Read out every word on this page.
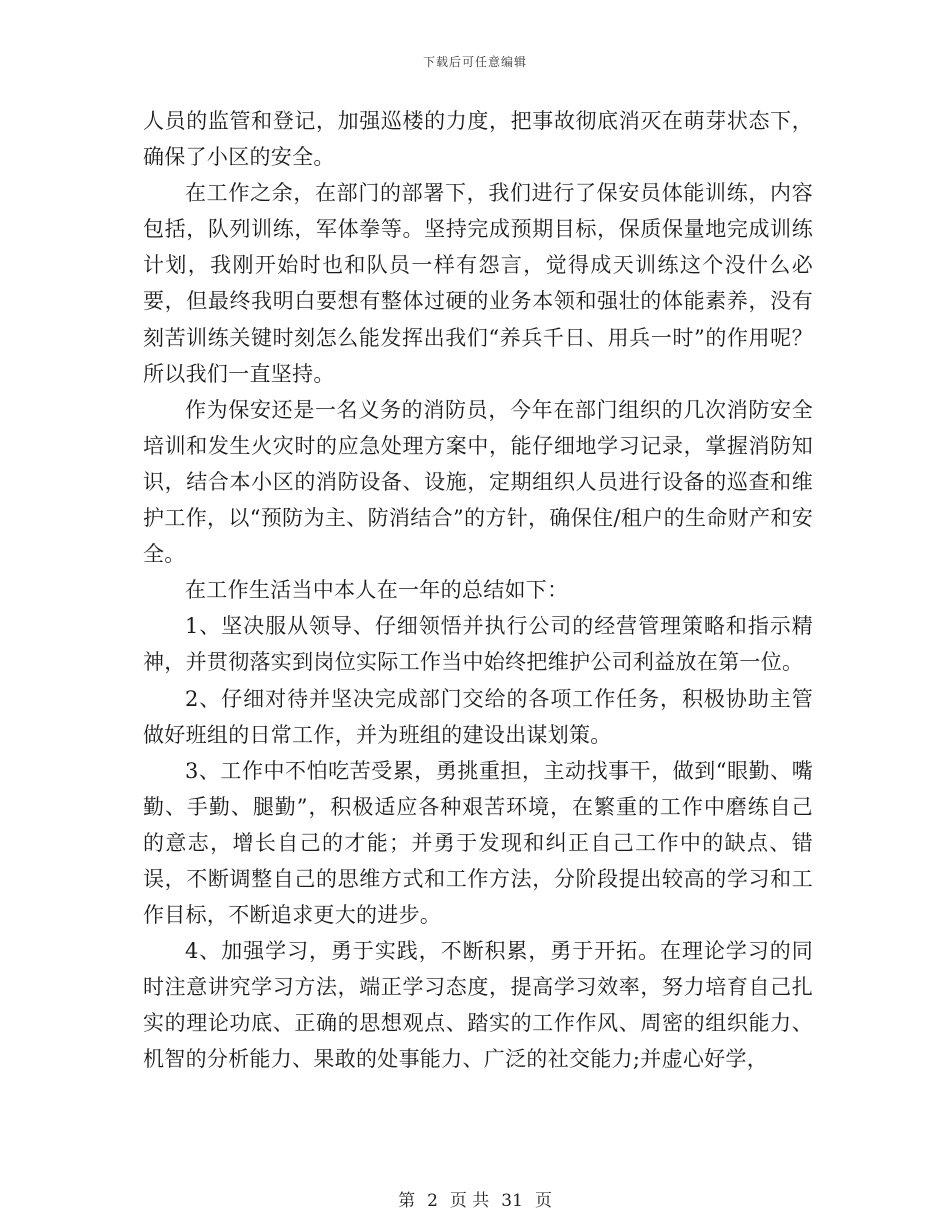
下载后可任意编辑

人员的监管和登记，加强巡楼的力度，把事故彻底消灭在萌芽状态下，确保了小区的安全。

在工作之余，在部门的部署下，我们进行了保安员体能训练，内容包括，队列训练，军体拳等。坚持完成预期目标，保质保量地完成训练计划，我刚开始时也和队员一样有怨言，觉得成天训练这个没什么必要，但最终我明白要想有整体过硬的业务本领和强壮的体能素养，没有刻苦训练关键时刻怎么能发挥出我们“养兵千日、用兵一时”的作用呢？所以我们一直坚持。

作为保安还是一名义务的消防员，今年在部门组织的几次消防安全培训和发生火灾时的应急处理方案中，能仔细地学习记录，掌握消防知识，结合本小区的消防设备、设施，定期组织人员进行设备的巡查和维护工作，以“预防为主、防消结合”的方针，确保住/租户的生命财产和安全。

在工作生活当中本人在一年的总结如下：

1、坚决服从领导、仔细领悟并执行公司的经营管理策略和指示精神，并贯彻落实到岗位实际工作当中始终把维护公司利益放在第一位。

2、仔细对待并坚决完成部门交给的各项工作任务，积极协助主管做好班组的日常工作，并为班组的建设出谋划策。

3、工作中不怕吃苦受累，勇挑重担，主动找事干，做到“眼勤、嘴勤、手勤、腿勤”，积极适应各种艰苦环境，在繁重的工作中磨练自己的意志，增长自己的才能；并勇于发现和纠正自己工作中的缺点、错误，不断调整自己的思维方式和工作方法，分阶段提出较高的学习和工作目标，不断追求更大的进步。

4、加强学习，勇于实践，不断积累，勇于开拓。在理论学习的同时注意讲究学习方法，端正学习态度，提高学习效率，努力培育自己扎实的理论功底、正确的思想观点、踏实的工作作风、周密的组织能力、机智的分析能力、果敢的处事能力、广泛的社交能力;并虚心好学，

第 2 页 共 31 页
